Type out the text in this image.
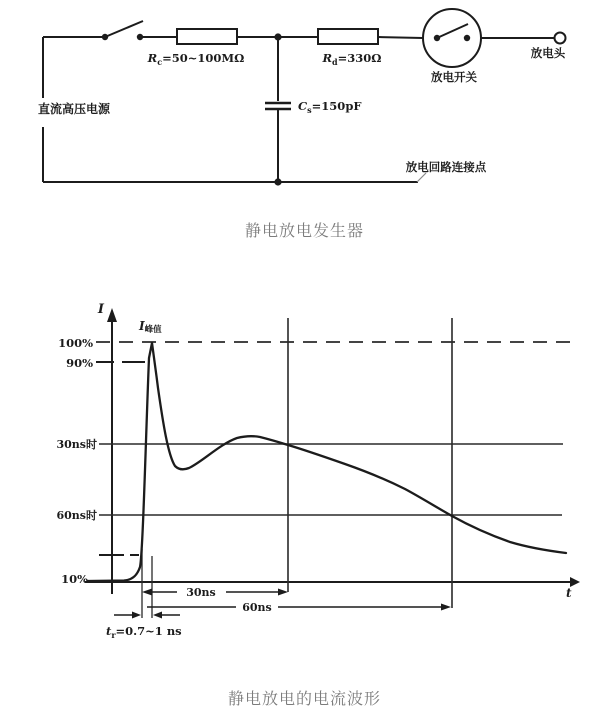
直流高压电源
$R_c=50\sim 100M\Omega$	$R_d=330\Omega$
$C_s=150pF$
放电开关
放电头
放电回路连接点
I
t
I峰值
100%
90%
30ns时
60ns时
10%
30ns
60ns
$t_r=0.7\sim 1$ ns
静电放电发生器
静电放电的电流波形
